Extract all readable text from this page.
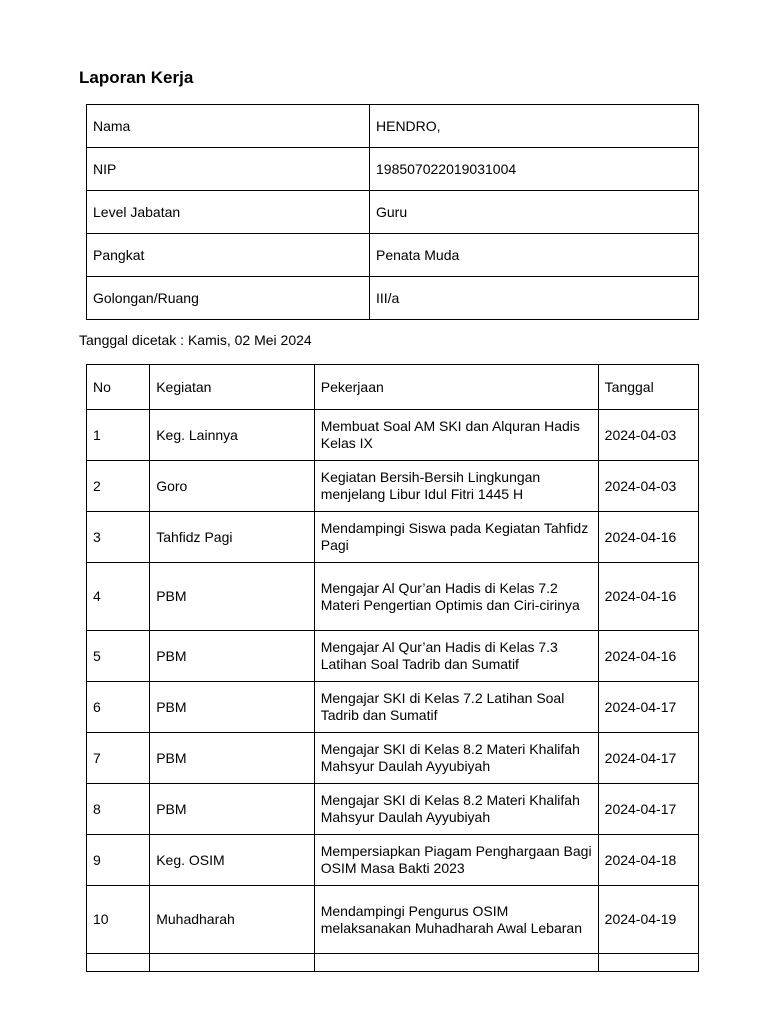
Laporan Kerja
Nama	HENDRO,
NIP	198507022019031004
Level Jabatan	Guru
Pangkat	Penata Muda
Golongan/Ruang	III/a
Tanggal dicetak : Kamis, 02 Mei 2024
No	Kegiatan	Pekerjaan	Tanggal
1	Keg. Lainnya	Membuat Soal AM SKI dan Alquran Hadis Kelas IX	2024-04-03
2	Goro	Kegiatan Bersih-Bersih Lingkungan menjelang Libur Idul Fitri 1445 H	2024-04-03
3	Tahfidz Pagi	Mendampingi Siswa pada Kegiatan Tahfidz Pagi	2024-04-16
4	PBM	Mengajar Al Qur’an Hadis di Kelas 7.2 Materi Pengertian Optimis dan Ciri-cirinya	2024-04-16
5	PBM	Mengajar Al Qur’an Hadis di Kelas 7.3 Latihan Soal Tadrib dan Sumatif	2024-04-16
6	PBM	Mengajar SKI di Kelas 7.2 Latihan Soal Tadrib dan Sumatif	2024-04-17
7	PBM	Mengajar SKI di Kelas 8.2 Materi Khalifah Mahsyur Daulah Ayyubiyah	2024-04-17
8	PBM	Mengajar SKI di Kelas 8.2 Materi Khalifah Mahsyur Daulah Ayyubiyah	2024-04-17
9	Keg. OSIM	Mempersiapkan Piagam Penghargaan Bagi OSIM Masa Bakti 2023	2024-04-18
10	Muhadharah	Mendampingi Pengurus OSIM melaksanakan Muhadharah Awal Lebaran	2024-04-19
